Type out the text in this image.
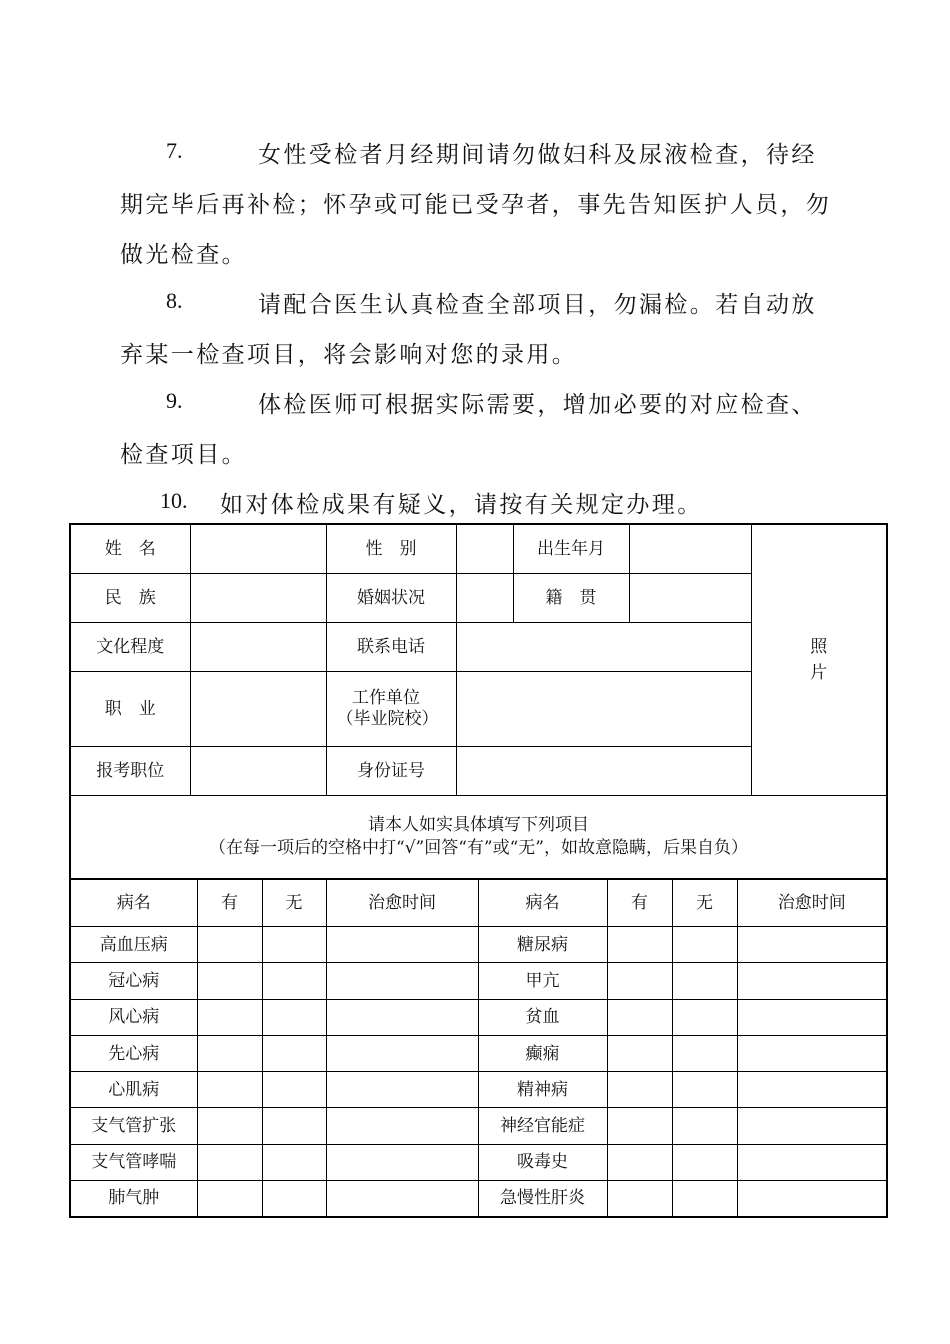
7.	女性受检者月经期间请勿做妇科及尿液检查，待经
期完毕后再补检；怀孕或可能已受孕者，事先告知医护人员，勿
做光检查。
8.	请配合医生认真检查全部项目，勿漏检。若自动放
弃某一检查项目，将会影响对您的录用。
9.	体检医师可根据实际需要，增加必要的对应检查、
检查项目。
10. 如对体检成果有疑义，请按有关规定办理。
姓　名		性　别		出生年月		照
片
民　族		婚姻状况		籍　贯		
文化程度		联系电话				
职　业		工作单位（毕业院校）				
报考职位		身份证号				

请本人如实具体填写下列项目
（在每一项后的空格中打“√”回答“有”或“无”，如故意隐瞒，后果自负）						
病名	有	无	治愈时间	病名	有	无	治愈时间
高血压病				糖尿病			
冠心病				甲亢			
风心病				贫血			
先心病				癫痫			
心肌病				精神病			
支气管扩张				神经官能症			
支气管哮喘				吸毒史			
肺气肿				急慢性肝炎			
